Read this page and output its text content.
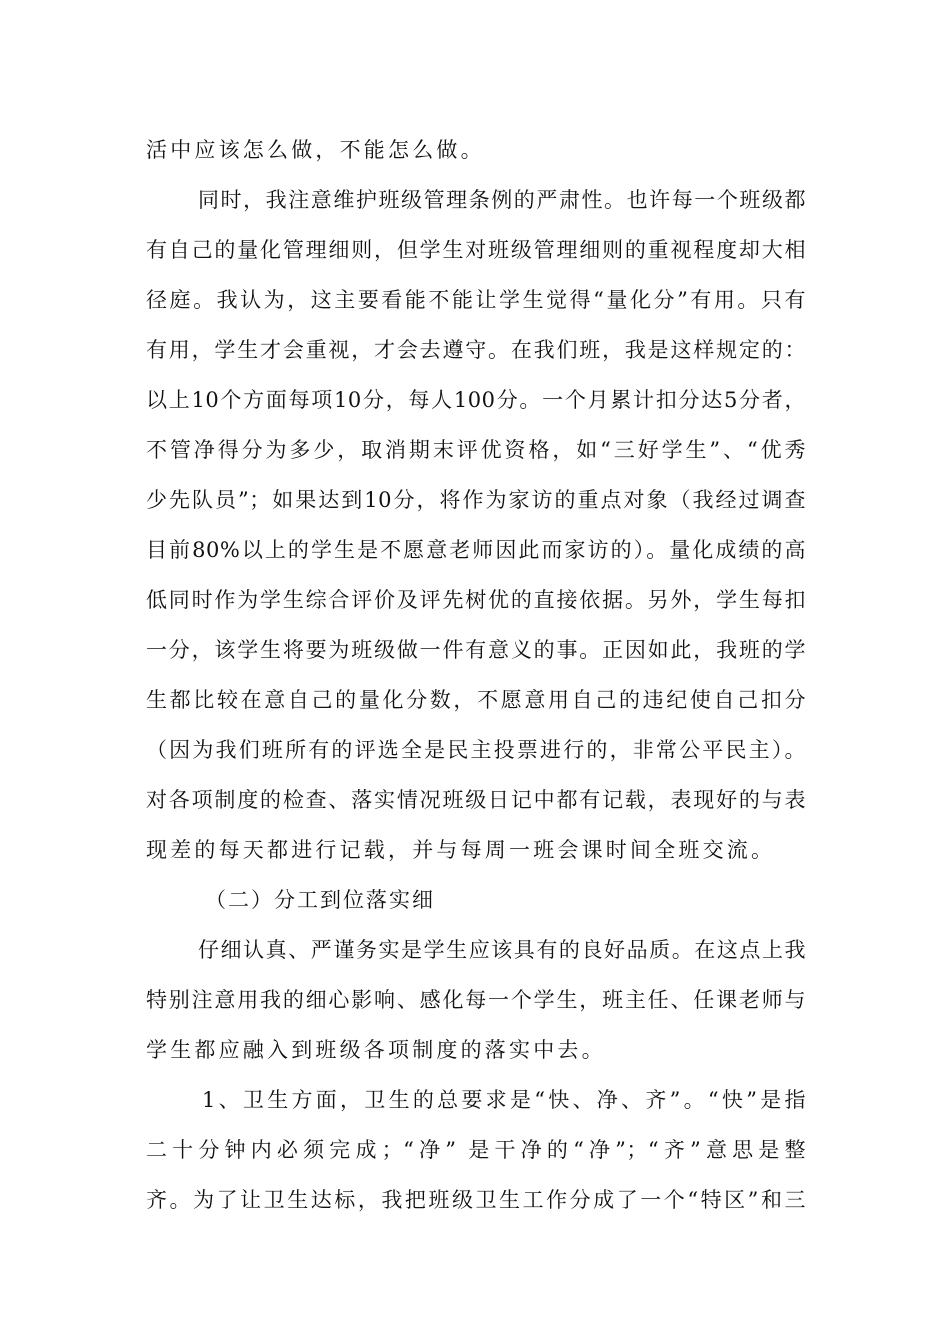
活中应该怎么做，不能怎么做。
同时，我注意维护班级管理条例的严肃性。也许每一个班级都
有自己的量化管理细则，但学生对班级管理细则的重视程度却大相
径庭。我认为，这主要看能不能让学生觉得“量化分”有用。只有
有用，学生才会重视，才会去遵守。在我们班，我是这样规定的：
以上10个方面每项10分，每人100分。一个月累计扣分达5分者，
不管净得分为多少，取消期末评优资格，如“三好学生”、“优秀
少先队员”；如果达到10分，将作为家访的重点对象（我经过调查
目前80%以上的学生是不愿意老师因此而家访的）。量化成绩的高
低同时作为学生综合评价及评先树优的直接依据。另外，学生每扣
一分，该学生将要为班级做一件有意义的事。正因如此，我班的学
生都比较在意自己的量化分数，不愿意用自己的违纪使自己扣分
（因为我们班所有的评选全是民主投票进行的，非常公平民主）。
对各项制度的检查、落实情况班级日记中都有记载，表现好的与表
现差的每天都进行记载，并与每周一班会课时间全班交流。
（二）分工到位落实细
仔细认真、严谨务实是学生应该具有的良好品质。在这点上我
特别注意用我的细心影响、感化每一个学生，班主任、任课老师与
学生都应融入到班级各项制度的落实中去。
1、卫生方面，卫生的总要求是“快、净、齐”。“快”是指
二十分钟内必须完成；“净” 是干净的“净”；“齐”意思是整
齐。为了让卫生达标，我把班级卫生工作分成了一个“特区”和三
